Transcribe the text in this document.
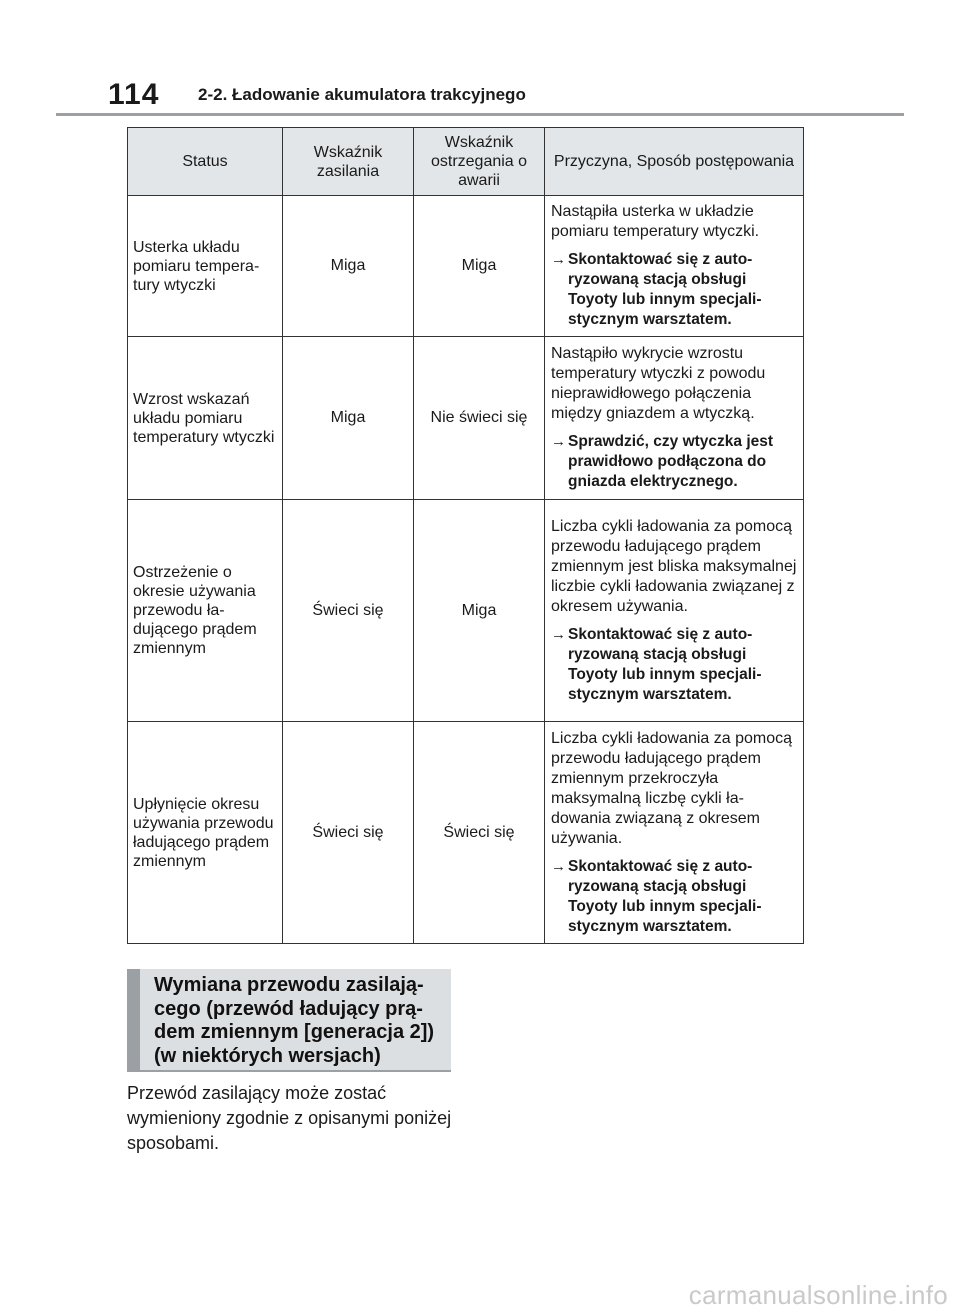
114 2-2. Ładowanie akumulatora trakcyjnego
Status	Wskaźnik zasilania	Wskaźnik ostrzegania o awarii	Przyczyna, Sposób postępowania
Usterka układu pomiaru temperatury wtyczki	Miga	Miga	Nastąpiła usterka w układzie pomiaru temperatury wtyczki.
→ Skontaktować się z autoryzowaną stacją obsługi Toyoty lub innym specjalistycznym warsztatem.

Wzrost wskazań układu pomiaru temperatury wtyczki	Miga	Nie świeci się	Nastąpiło wykrycie wzrostu temperatury wtyczki z powodu nieprawidłowego połączenia między gniazdem a wtyczką.
→ Sprawdzić, czy wtyczka jest prawidłowo podłączona do gniazda elektrycznego.

Ostrzeżenie o okresie używania przewodu ładującego prądem zmiennym	Świeci się	Miga	Liczba cykli ładowania za pomocą przewodu ładującego prądem zmiennym jest bliska maksymalnej liczbie cykli ładowania związanej z okresem używania.
→ Skontaktować się z autoryzowaną stacją obsługi Toyoty lub innym specjalistycznym warsztatem.

Upłynięcie okresu używania przewodu ładującego prądem zmiennym	Świeci się	Świeci się	Liczba cykli ładowania za pomocą przewodu ładującego prądem zmiennym przekroczyła maksymalną liczbę cykli ładowania związaną z okresem używania.
→ Skontaktować się z autoryzowaną stacją obsługi Toyoty lub innym specjalistycznym warsztatem.
Wymiana przewodu zasilającego (przewód ładujący prądem zmiennym [generacja 2]) (w niektórych wersjach)
Przewód zasilający może zostać wymieniony zgodnie z opisanymi poniżej sposobami.
carmanualsonline.info
